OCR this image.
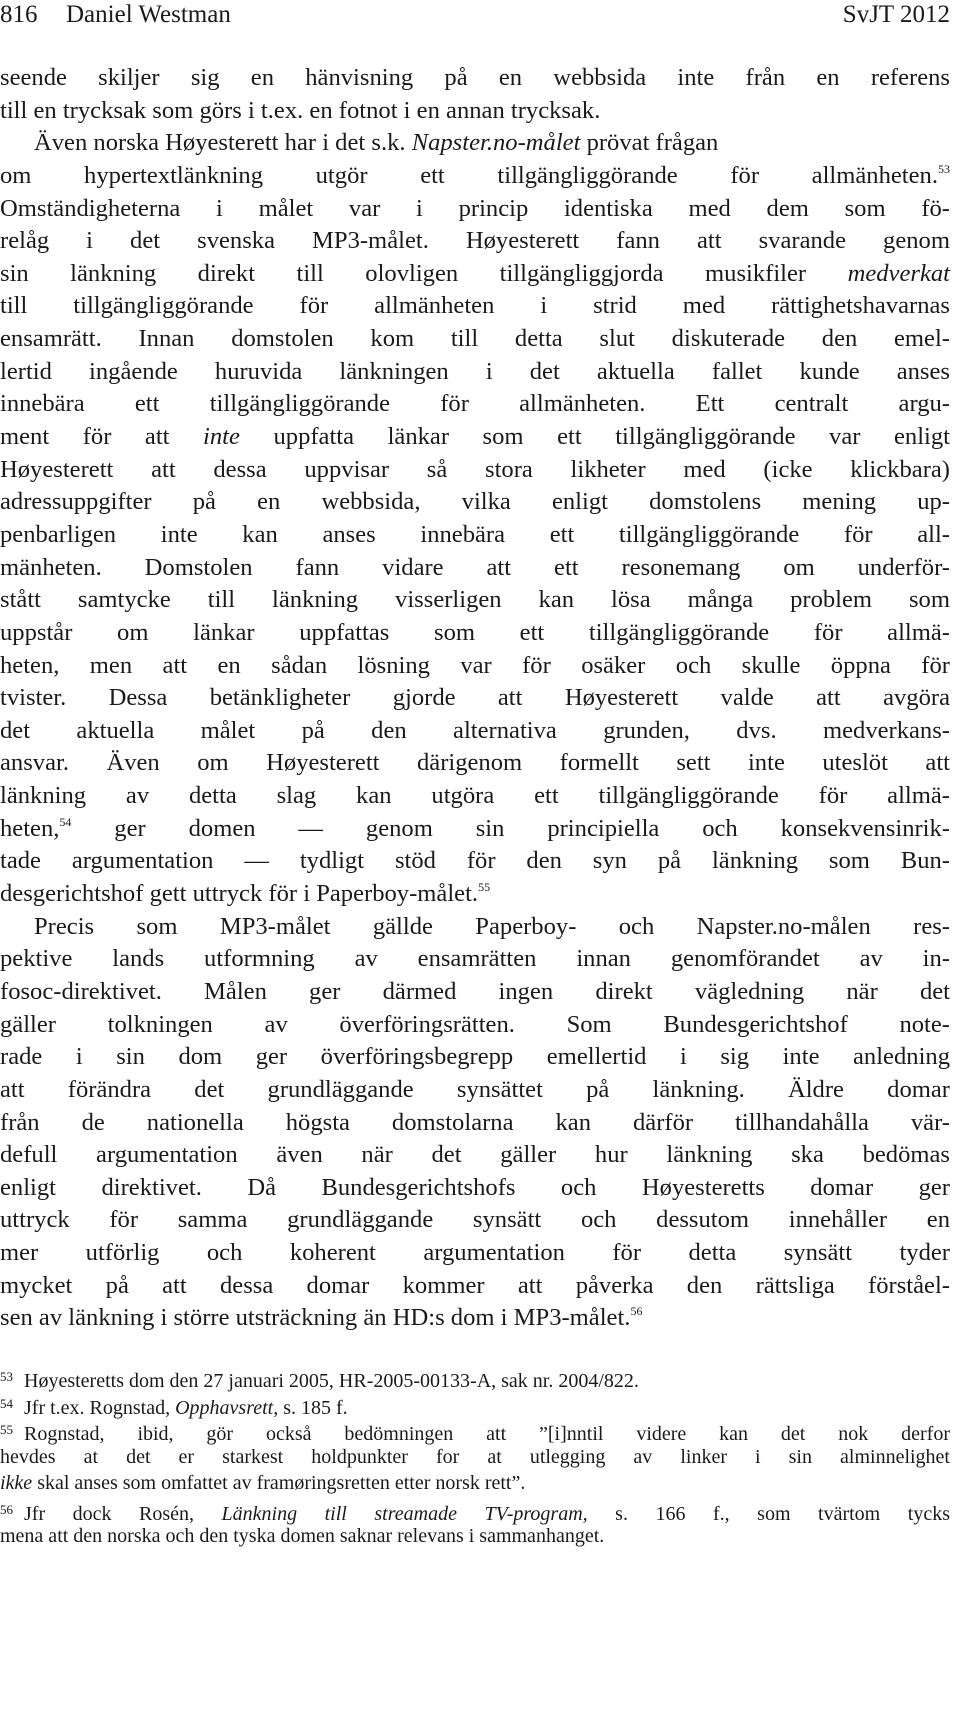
816 Daniel Westman	SvJT 2012
seende skiljer sig en hänvisning på en webbsida inte från en referens
till en trycksak som görs i t.ex. en fotnot i en annan trycksak.
Även norska Høyesterett har i det s.k. Napster.no-målet prövat frågan
om hypertextlänkning utgör ett tillgängliggörande för allmänheten.$^{53}$
Omständigheterna i målet var i princip identiska med dem som fö-
relåg i det svenska MP3-målet. Høyesterett fann att svarande genom
sin länkning direkt till olovligen tillgängliggjorda musikfiler medverkat
till tillgängliggörande för allmänheten i strid med rättighetshavarnas
ensamrätt. Innan domstolen kom till detta slut diskuterade den emel-
lertid ingående huruvida länkningen i det aktuella fallet kunde anses
innebära ett tillgängliggörande för allmänheten. Ett centralt argu-
ment för att inte uppfatta länkar som ett tillgängliggörande var enligt
Høyesterett att dessa uppvisar så stora likheter med (icke klickbara)
adressuppgifter på en webbsida, vilka enligt domstolens mening up-
penbarligen inte kan anses innebära ett tillgängliggörande för all-
mänheten. Domstolen fann vidare att ett resonemang om underför-
stått samtycke till länkning visserligen kan lösa många problem som
uppstår om länkar uppfattas som ett tillgängliggörande för allmä-
heten, men att en sådan lösning var för osäker och skulle öppna för
tvister. Dessa betänkligheter gjorde att Høyesterett valde att avgöra
det aktuella målet på den alternativa grunden, dvs. medverkans-
ansvar. Även om Høyesterett därigenom formellt sett inte uteslöt att
länkning av detta slag kan utgöra ett tillgängliggörande för allmä-
heten,$^{54}$ ger domen — genom sin principiella och konsekvensinrik-
tade argumentation — tydligt stöd för den syn på länkning som Bun-
desgerichtshof gett uttryck för i Paperboy-målet.$^{55}$
Precis som MP3-målet gällde Paperboy- och Napster.no-målen res-
pektive lands utformning av ensamrätten innan genomförandet av in-
fosoc-direktivet. Målen ger därmed ingen direkt vägledning när det
gäller tolkningen av överföringsrätten. Som Bundesgerichtshof note-
rade i sin dom ger överföringsbegrepp emellertid i sig inte anledning
att förändra det grundläggande synsättet på länkning. Äldre domar
från de nationella högsta domstolarna kan därför tillhandahålla vär-
defull argumentation även när det gäller hur länkning ska bedömas
enligt direktivet. Då Bundesgerichtshofs och Høyesteretts domar ger
uttryck för samma grundläggande synsätt och dessutom innehåller en
mer utförlig och koherent argumentation för detta synsätt tyder
mycket på att dessa domar kommer att påverka den rättsliga förståel-
sen av länkning i större utsträckning än HD:s dom i MP3-målet.$^{56}$
53 Høyesteretts dom den 27 januari 2005, HR-2005-00133-A, sak nr. 2004/822.
54 Jfr t.ex. Rognstad, Opphavsrett, s. 185 f.
55 Rognstad, ibid, gör också bedömningen att ”[i]nntil videre kan det nok derfor
hevdes at det er starkest holdpunkter for at utlegging av linker i sin alminnelighet
ikke skal anses som omfattet av framøringsretten etter norsk rett”.
56 Jfr dock Rosén, Länkning till streamade TV-program, s. 166 f., som tvärtom tycks
mena att den norska och den tyska domen saknar relevans i sammanhanget.
